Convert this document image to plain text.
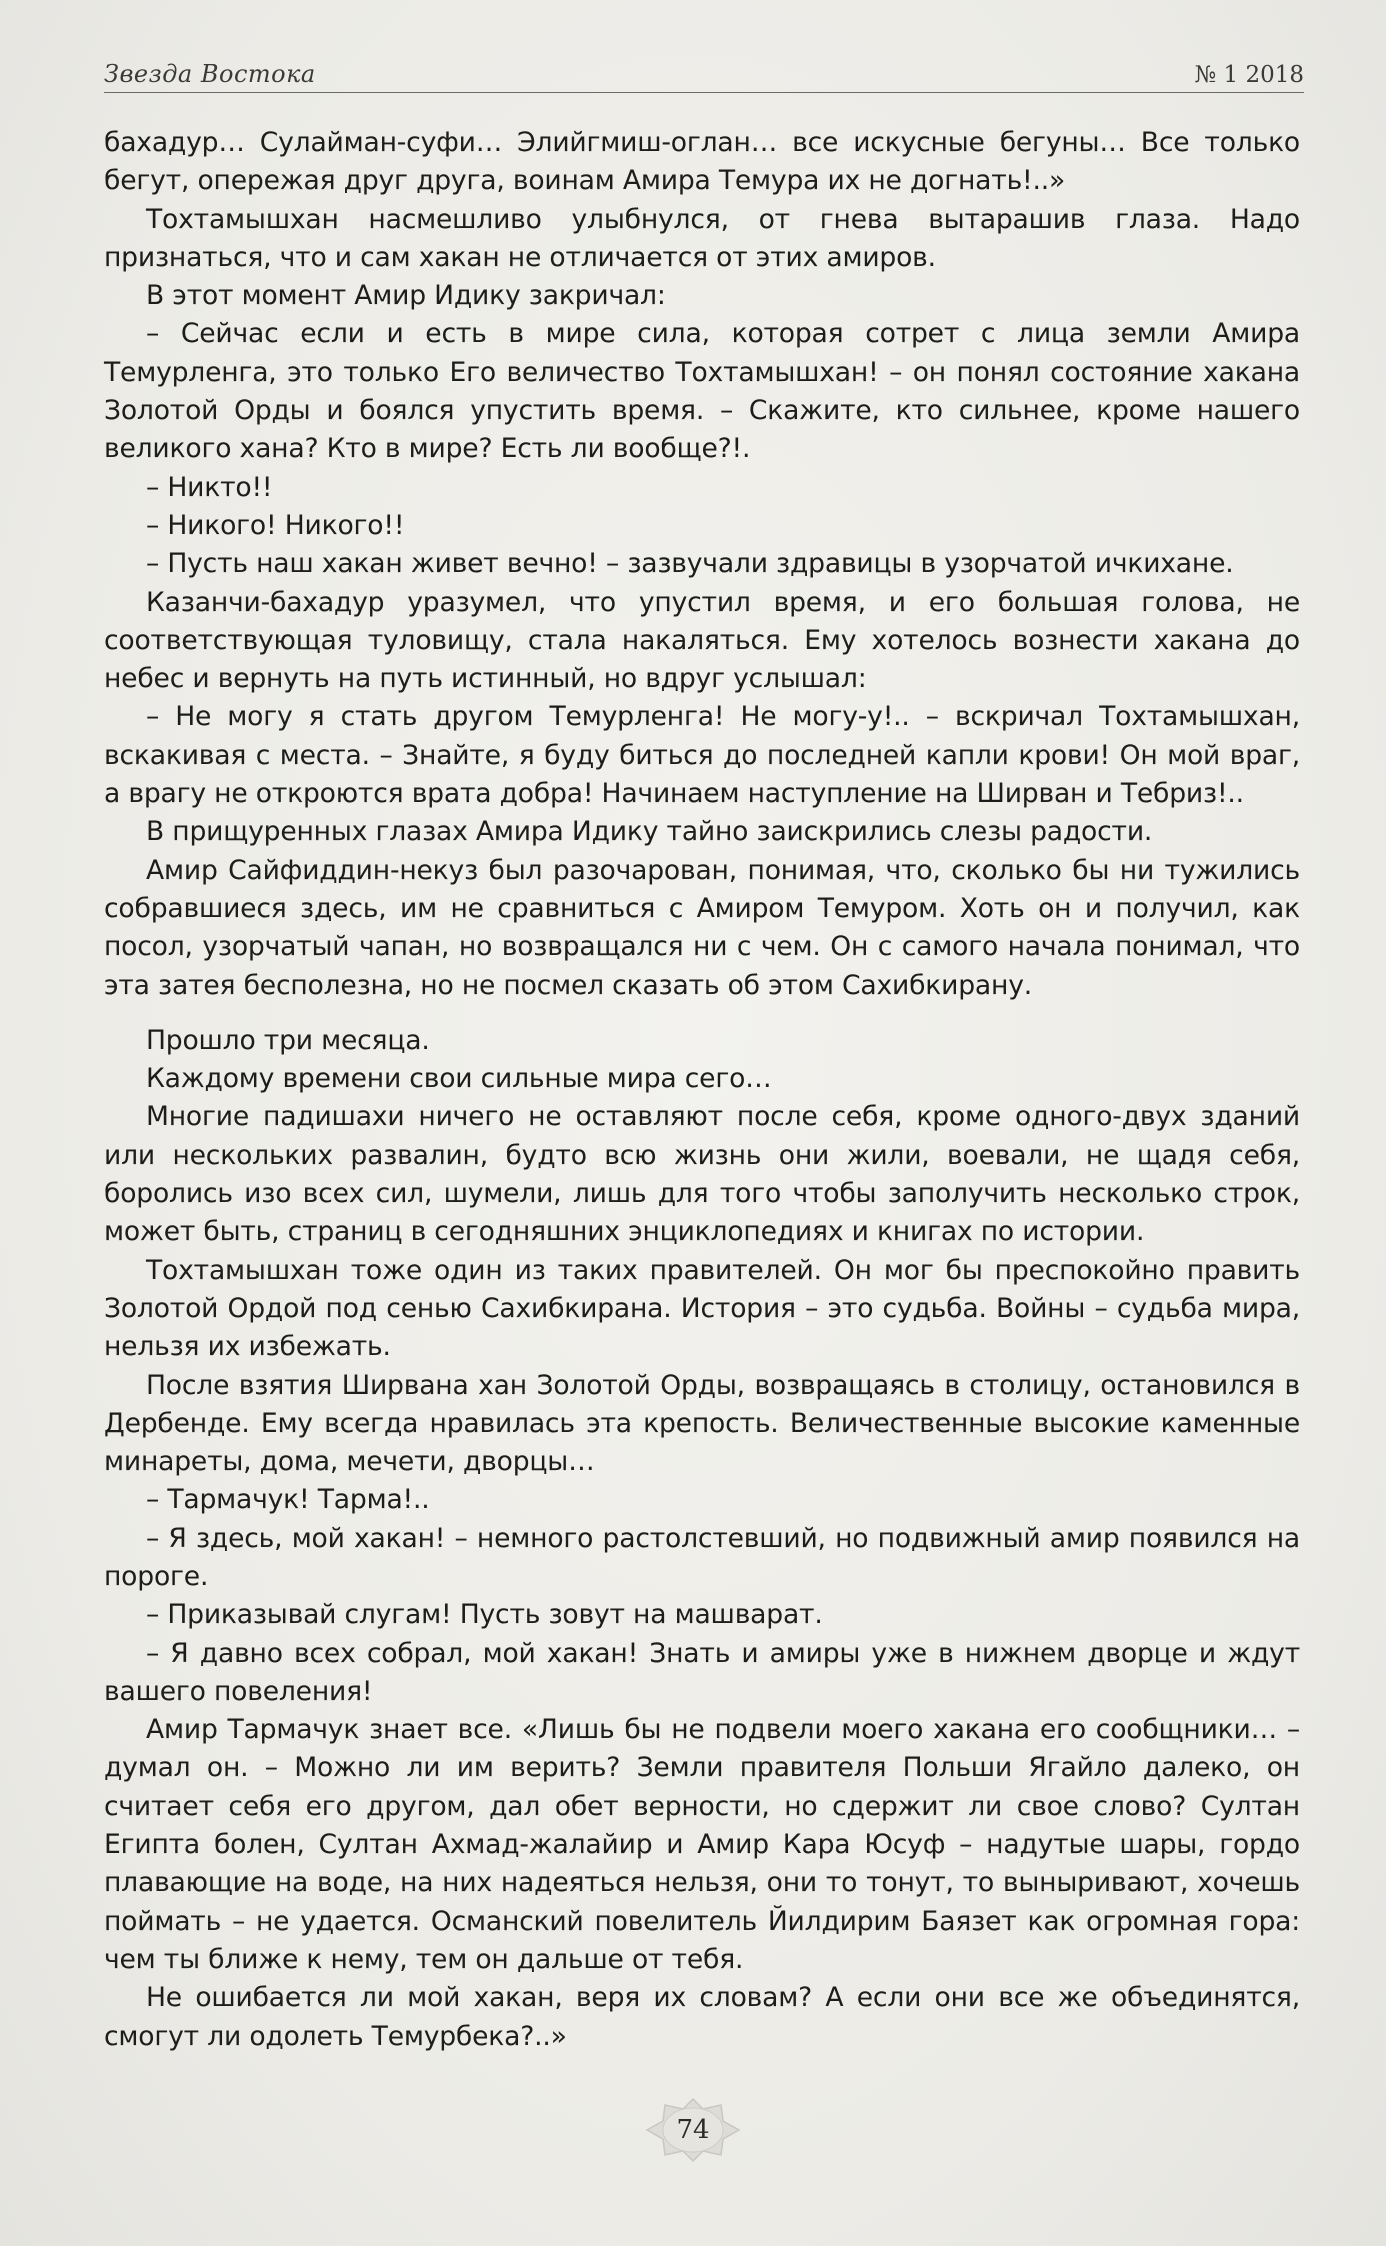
Звезда Востока	№ 1 2018

бахадур… Сулайман-суфи… Элийгмиш-оглан… все искусные бегуны… Все только бегут, опережая друг друга, воинам Амира Темура их не догнать!..»

Тохтамышхан насмешливо улыбнулся, от гнева вытарашив глаза. Надо признаться, что и сам хакан не отличается от этих амиров.

В этот момент Амир Идику закричал:

– Сейчас если и есть в мире сила, которая сотрет с лица земли Амира Темурленга, это только Его величество Тохтамышхан! – он понял состояние хакана Золотой Орды и боялся упустить время. – Скажите, кто сильнее, кроме нашего великого хана? Кто в мире? Есть ли вообще?!.

– Никто!!

– Никого! Никого!!

– Пусть наш хакан живет вечно! – зазвучали здравицы в узорчатой ичкихане.

Казанчи-бахадур уразумел, что упустил время, и его большая голова, не соответствующая туловищу, стала накаляться. Ему хотелось вознести хакана до небес и вернуть на путь истинный, но вдруг услышал:

– Не могу я стать другом Темурленга! Не могу-у!.. – вскричал Тохтамышхан, вскакивая с места. – Знайте, я буду биться до последней капли крови! Он мой враг, а врагу не откроются врата добра! Начинаем наступление на Ширван и Тебриз!..

В прищуренных глазах Амира Идику тайно заискрились слезы радости.

Амир Сайфиддин-некуз был разочарован, понимая, что, сколько бы ни тужились собравшиеся здесь, им не сравниться с Амиром Темуром. Хоть он и получил, как посол, узорчатый чапан, но возвращался ни с чем. Он с самого начала понимал, что эта затея бесполезна, но не посмел сказать об этом Сахибкирану.

Прошло три месяца.

Каждому времени свои сильные мира сего…

Многие падишахи ничего не оставляют после себя, кроме одного-двух зданий или нескольких развалин, будто всю жизнь они жили, воевали, не щадя себя, боролись изо всех сил, шумели, лишь для того чтобы заполучить несколько строк, может быть, страниц в сегодняшних энциклопедиях и книгах по истории.

Тохтамышхан тоже один из таких правителей. Он мог бы преспокойно править Золотой Ордой под сенью Сахибкирана. История – это судьба. Войны – судьба мира, нельзя их избежать.

После взятия Ширвана хан Золотой Орды, возвращаясь в столицу, остановился в Дербенде. Ему всегда нравилась эта крепость. Величественные высокие каменные минареты, дома, мечети, дворцы…

– Тармачук! Тарма!..

– Я здесь, мой хакан! – немного растолстевший, но подвижный амир появился на пороге.

– Приказывай слугам! Пусть зовут на машварат.

– Я давно всех собрал, мой хакан! Знать и амиры уже в нижнем дворце и ждут вашего повеления!

Амир Тармачук знает все. «Лишь бы не подвели моего хакана его сообщники… – думал он. – Можно ли им верить? Земли правителя Польши Ягайло далеко, он считает себя его другом, дал обет верности, но сдержит ли свое слово? Султан Египта болен, Султан Ахмад-жалайир и Амир Кара Юсуф – надутые шары, гордо плавающие на воде, на них надеяться нельзя, они то тонут, то выныривают, хочешь поймать – не удается. Османский повелитель Йилдирим Баязет как огромная гора: чем ты ближе к нему, тем он дальше от тебя.

Не ошибается ли мой хакан, веря их словам? А если они все же объединятся, смогут ли одолеть Темурбека?..»

74
